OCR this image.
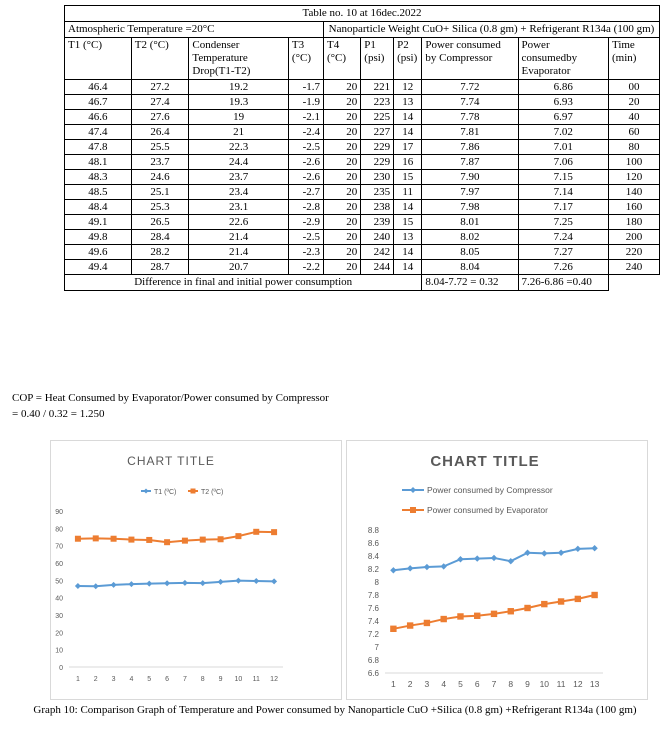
Table no. 10 at 16dec.2022									
Atmospheric Temperature =20°C				Nanoparticle Weight CuO+ Silica (0.8 gm) + Refrigerant R134a (100 gm)					
T1 (°C)	T2 (°C)	Condenser Temperature Drop(T1-T2)	T3 (°C)	T4 (°C)	P1 (psi)	P2 (psi)	Power consumed by Compressor	Power consumedby Evaporator	Time (min)
46.4	27.2	19.2	-1.7	20	221	12	7.72	6.86	00
46.7	27.4	19.3	-1.9	20	223	13	7.74	6.93	20
46.6	27.6	19	-2.1	20	225	14	7.78	6.97	40
47.4	26.4	21	-2.4	20	227	14	7.81	7.02	60
47.8	25.5	22.3	-2.5	20	229	17	7.86	7.01	80
48.1	23.7	24.4	-2.6	20	229	16	7.87	7.06	100
48.3	24.6	23.7	-2.6	20	230	15	7.90	7.15	120
48.5	25.1	23.4	-2.7	20	235	11	7.97	7.14	140
48.4	25.3	23.1	-2.8	20	238	14	7.98	7.17	160
49.1	26.5	22.6	-2.9	20	239	15	8.01	7.25	180
49.8	28.4	21.4	-2.5	20	240	13	8.02	7.24	200
49.6	28.2	21.4	-2.3	20	242	14	8.05	7.27	220
49.4	28.7	20.7	-2.2	20	244	14	8.04	7.26	240
Difference in final and initial power consumption							8.04-7.72 = 0.32	7.26-6.86 =0.40	
COP = Heat Consumed by Evaporator/Power consumed by Compressor
= 0.40 / 0.32 = 1.250
CHART TITLE
T1 (ºC)	T2 (ºC)
0
10
20
30
40
50
60
70
80
90
1 2 3 4 5 6 7 8 9 10 11 12
CHART TITLE
Power consumed by Compressor
Power consumed by Evaporator
6.6
6.8
7
7.2
7.4
7.6
7.8
8
8.2
8.4
8.6
8.8
1 2 3 4 5 6 7 8 9 10 11 12 13
Graph 10: Comparison Graph of Temperature and Power consumed by Nanoparticle CuO +Silica (0.8 gm) +Refrigerant R134a (100 gm)
